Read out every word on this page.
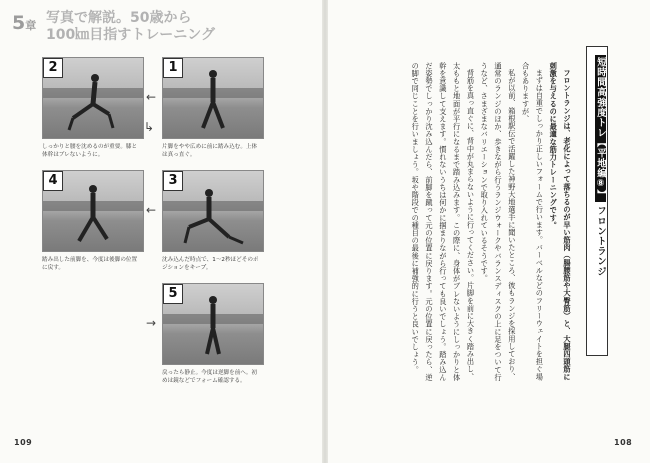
5章 写真で解説。50歳から
100㎞目指すトレーニング
2
しっかりと腰を沈めるのが重要。膝と体幹はブレないように。
1
片脚をやや広めに前に踏み込む。上体は真っ直ぐ。
←
4
踏み出した前脚を、今度は後脚の位置に戻す。
3
沈み込んだ時点で、1～2秒ほどそのポジションをキープ。
←
↳
5
戻ったら静止。今度は逆脚を前へ。初めは鏡などでフォーム確認する。
→
109	108
短時間高強度トレ【平地編⑧】 フロントランジ

フロントランジは、老化によって落ちるのが早い筋肉（腸腰筋や大臀筋）と、大腿四頭筋に刺激を与えるのに最適な筋力トレーニングです。

まずは自重でしっかり正しいフォームで行います。バーベルなどのフリーウェイトを担ぐ場合もありますが、

私が以前、箱根駅伝で活躍した神野大地選手に聞いたところ、彼もランジを採用しており、通常のランジのほか、歩きながら行うランジウォークやバランスディスクの上に足をついて行うなど、さまざまなバリエーションで取り入れているそうです。

背筋を真っ直ぐに、背中が丸まらないように行ってください。片脚を前に大きく踏み出し、太ももと地面が平行になるまで踏み込みます。この際に、身体がブレないようにしっかりと体幹を意識して支えます。慣れないうちは何かに掴まりながら行っても良いでしょう。踏み込んだ姿勢でしっかり沈み込んだら、前脚を蹴って元の位置に戻ります。元の位置に戻ったら、逆の脚で同じことを行いましょう。坂や階段での種目の最後に補強的に行うと良いでしょう。
